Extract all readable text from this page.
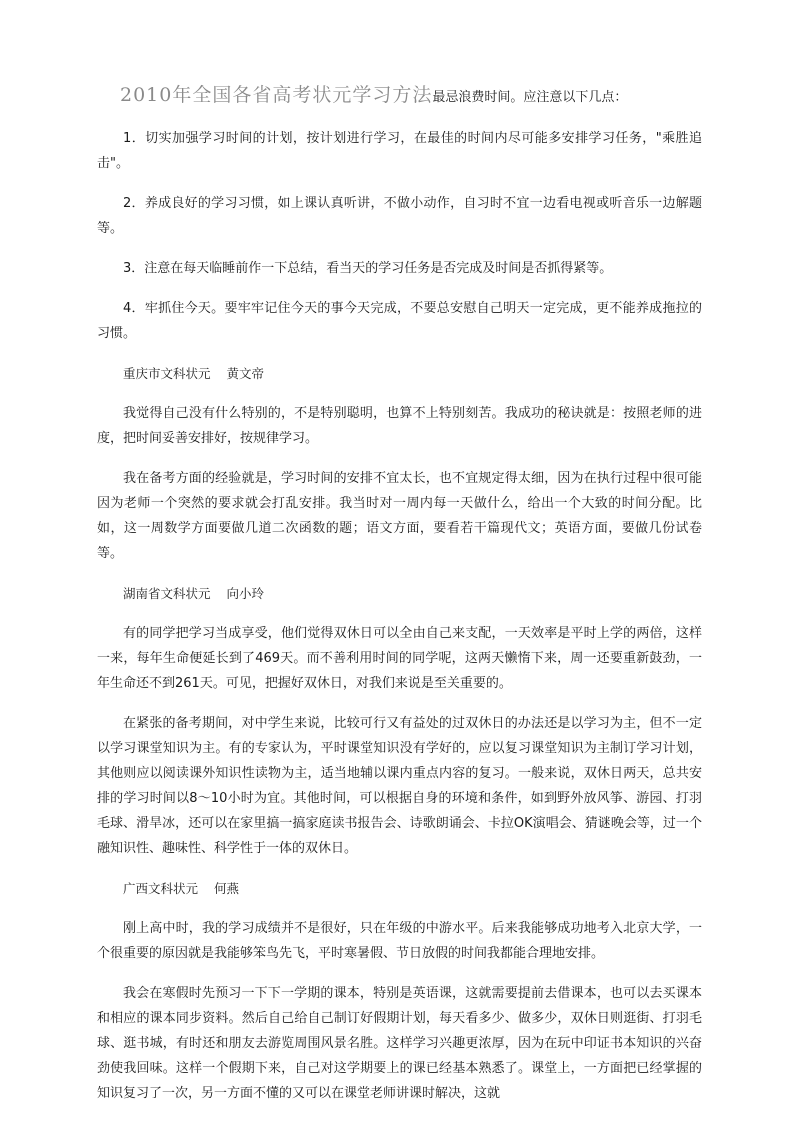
2010年全国各省高考状元学习方法最忌浪费时间。应注意以下几点：

1．切实加强学习时间的计划，按计划进行学习，在最佳的时间内尽可能多安排学习任务，"乘胜追击"。

2．养成良好的学习习惯，如上课认真听讲，不做小动作，自习时不宜一边看电视或听音乐一边解题等。

3．注意在每天临睡前作一下总结，看当天的学习任务是否完成及时间是否抓得紧等。

4．牢抓住今天。要牢牢记住今天的事今天完成，不要总安慰自己明天一定完成，更不能养成拖拉的习惯。

重庆市文科状元 黄文帝

我觉得自己没有什么特别的，不是特别聪明，也算不上特别刻苦。我成功的秘诀就是：按照老师的进度，把时间妥善安排好，按规律学习。

我在备考方面的经验就是，学习时间的安排不宜太长，也不宜规定得太细，因为在执行过程中很可能因为老师一个突然的要求就会打乱安排。我当时对一周内每一天做什么，给出一个大致的时间分配。比如，这一周数学方面要做几道二次函数的题；语文方面，要看若干篇现代文；英语方面，要做几份试卷等。

湖南省文科状元 向小玲

有的同学把学习当成享受，他们觉得双休日可以全由自己来支配，一天效率是平时上学的两倍，这样一来，每年生命便延长到了469天。而不善利用时间的同学呢，这两天懒惰下来，周一还要重新鼓劲，一年生命还不到261天。可见，把握好双休日，对我们来说是至关重要的。

在紧张的备考期间，对中学生来说，比较可行又有益处的过双休日的办法还是以学习为主，但不一定以学习课堂知识为主。有的专家认为，平时课堂知识没有学好的，应以复习课堂知识为主制订学习计划，其他则应以阅读课外知识性读物为主，适当地辅以课内重点内容的复习。一般来说，双休日两天，总共安排的学习时间以8～10小时为宜。其他时间，可以根据自身的环境和条件，如到野外放风筝、游园、打羽毛球、滑旱冰，还可以在家里搞一搞家庭读书报告会、诗歌朗诵会、卡拉OK演唱会、猜谜晚会等，过一个融知识性、趣味性、科学性于一体的双休日。

广西文科状元 何燕

刚上高中时，我的学习成绩并不是很好，只在年级的中游水平。后来我能够成功地考入北京大学，一个很重要的原因就是我能够笨鸟先飞，平时寒暑假、节日放假的时间我都能合理地安排。

我会在寒假时先预习一下下一学期的课本，特别是英语课，这就需要提前去借课本，也可以去买课本和相应的课本同步资料。然后自己给自己制订好假期计划，每天看多少、做多少，双休日则逛街、打羽毛球、逛书城，有时还和朋友去游览周围风景名胜。这样学习兴趣更浓厚，因为在玩中印证书本知识的兴奋劲使我回味。这样一个假期下来，自己对这学期要上的课已经基本熟悉了。课堂上，一方面把已经掌握的知识复习了一次，另一方面不懂的又可以在课堂老师讲课时解决，这就
